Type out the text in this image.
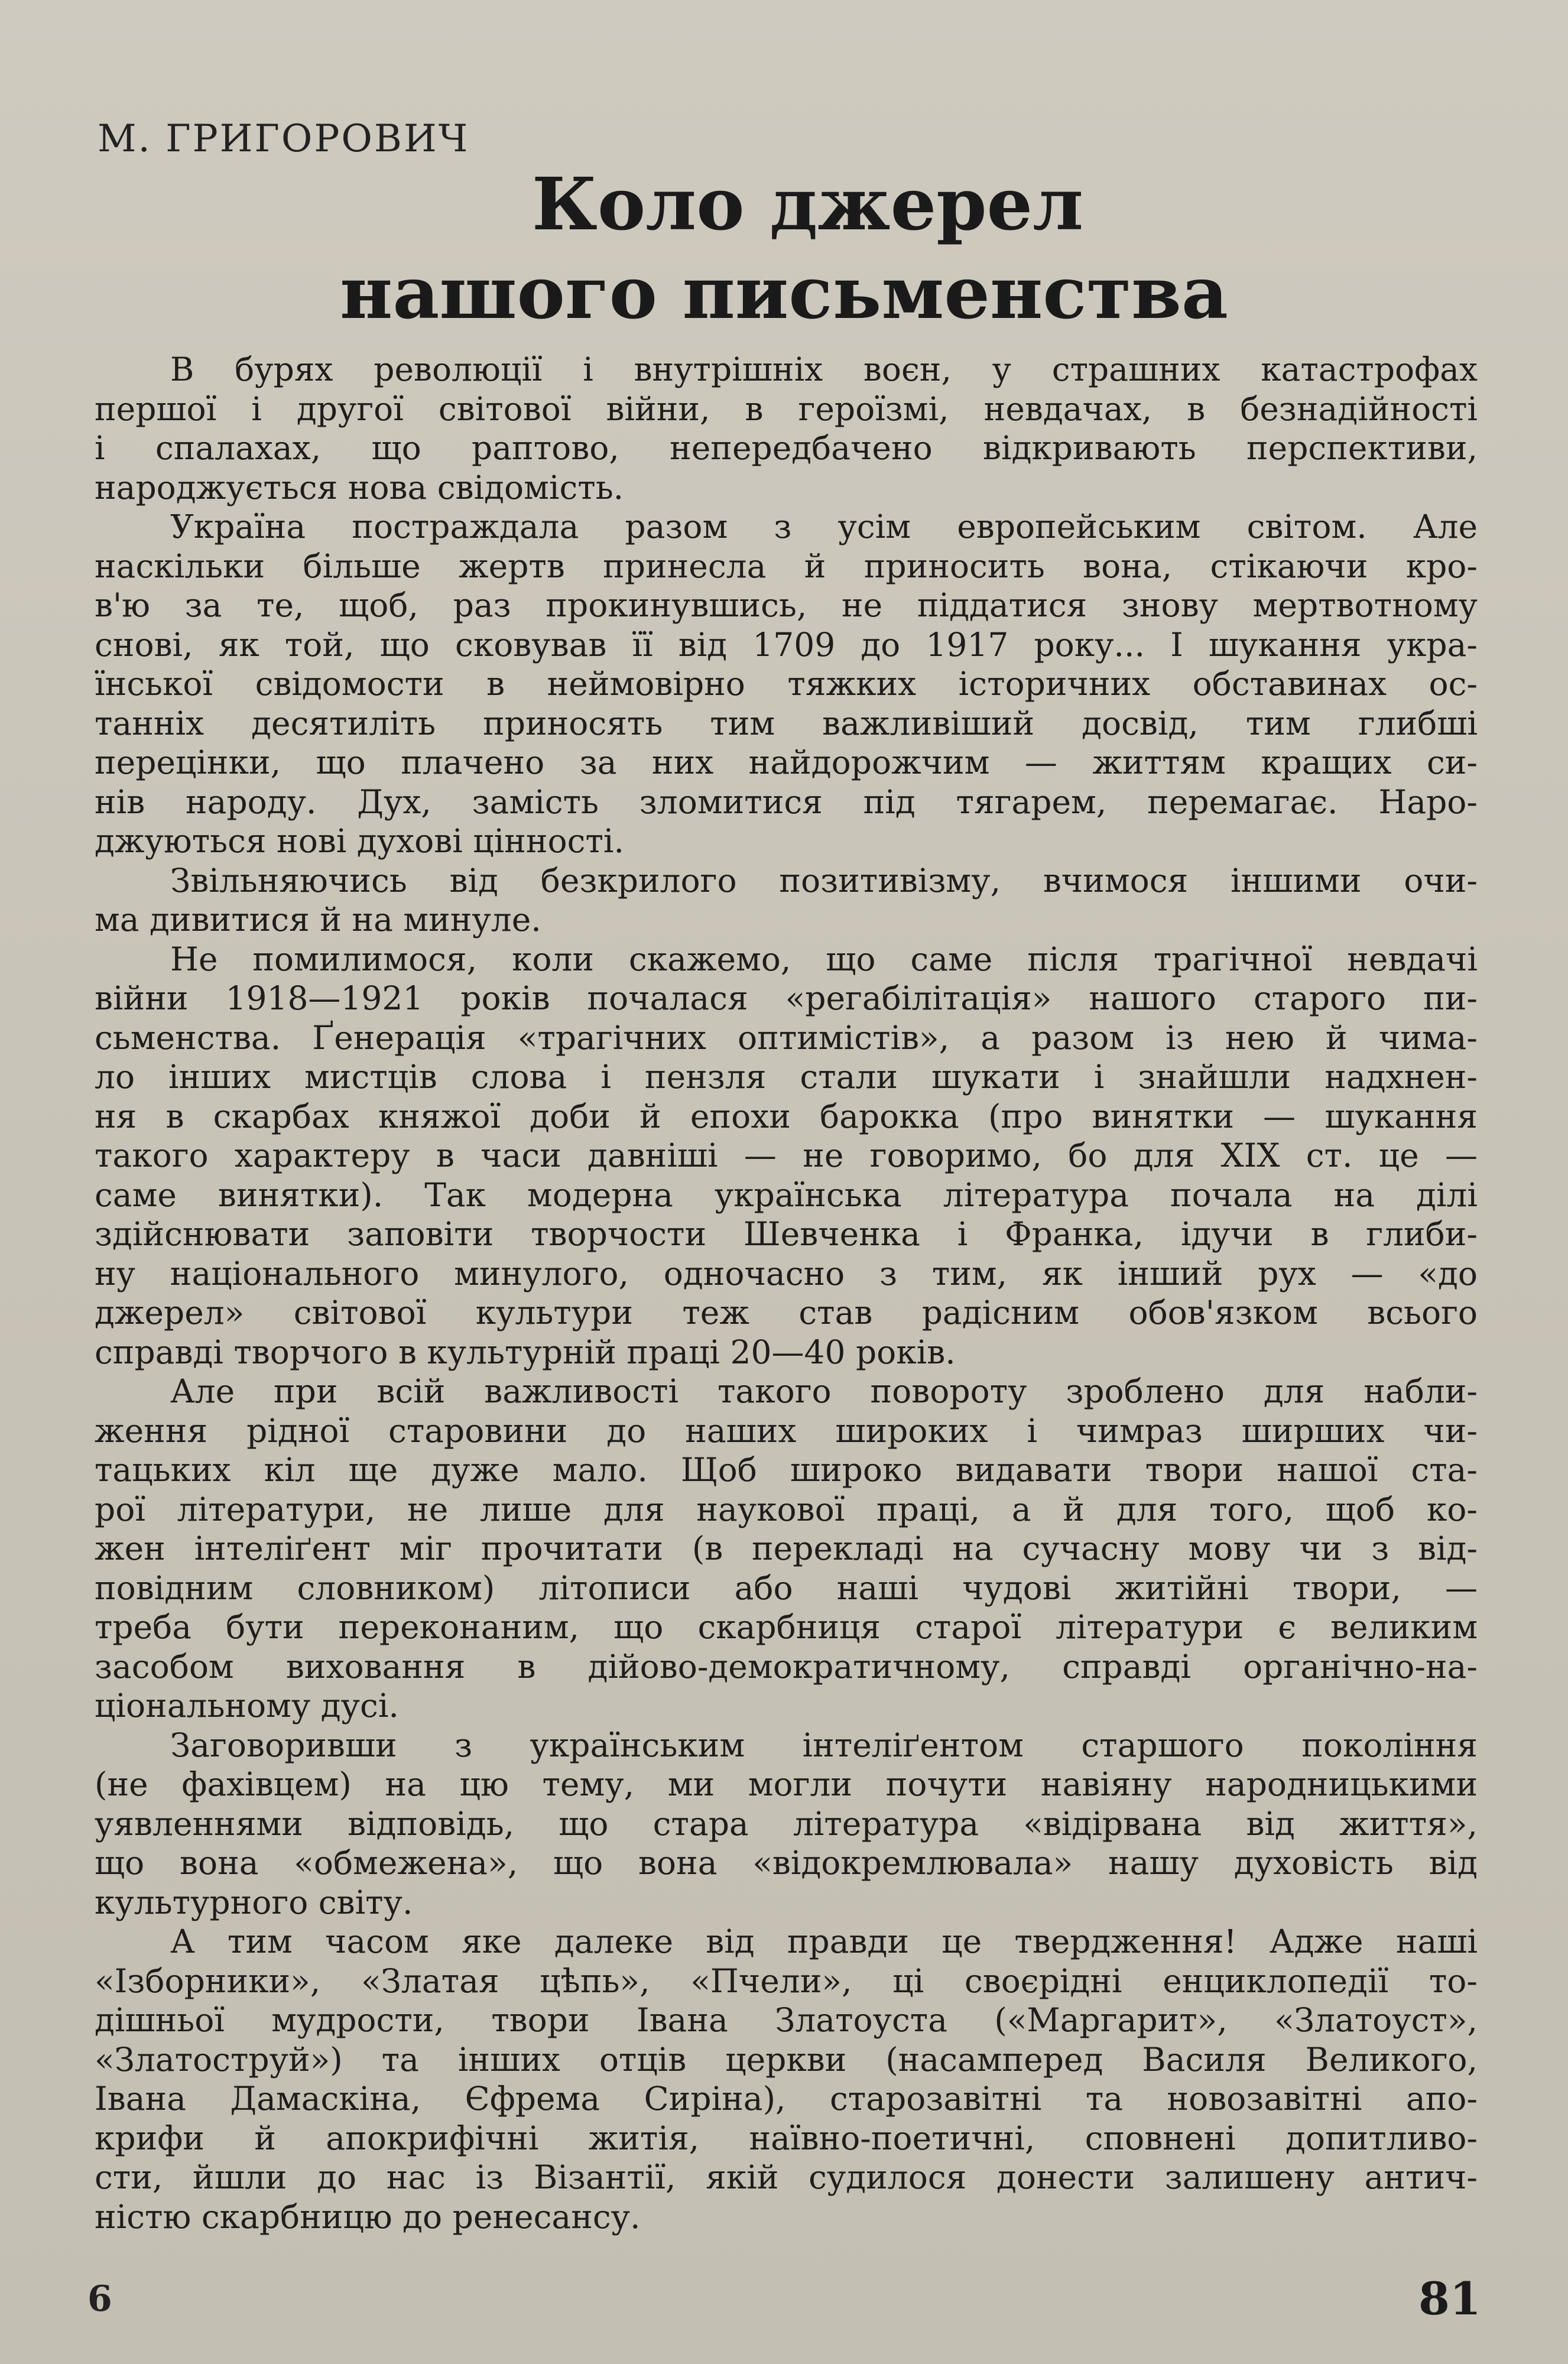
М. ГРИГОРОВИЧ
Коло джерел
нашого письменства
В бурях революції і внутрішніх воєн, у страшних катастрофах
першої і другої світової війни, в героїзмі, невдачах, в безнадійності
і спалахах, що раптово, непередбачено відкривають перспективи,
народжується нова свідомість.
Україна постраждала разом з усім европейським світом. Але
наскільки більше жертв принесла й приносить вона, стікаючи кро-
в'ю за те, щоб, раз прокинувшись, не піддатися знову мертвотному
снові, як той, що сковував її від 1709 до 1917 року... І шукання укра-
їнської свідомости в неймовірно тяжких історичних обставинах ос-
танніх десятиліть приносять тим важливіший досвід, тим глибші
перецінки, що плачено за них найдорожчим — життям кращих си-
нів народу. Дух, замість зломитися під тягарем, перемагає. Наро-
джуються нові духові цінності.
Звільняючись від безкрилого позитивізму, вчимося іншими очи-
ма дивитися й на минуле.
Не помилимося, коли скажемо, що саме після трагічної невдачі
війни 1918—1921 років почалася «регабілітація» нашого старого пи-
сьменства. Ґенерація «трагічних оптимістів», а разом із нею й чима-
ло інших мистців слова і пензля стали шукати і знайшли надхнен-
ня в скарбах княжої доби й епохи барокка (про винятки — шукання
такого характеру в часи давніші — не говоримо, бо для XIX ст. це —
саме винятки). Так модерна українська література почала на ділі
здійснювати заповіти творчости Шевченка і Франка, ідучи в глиби-
ну національного минулого, одночасно з тим, як інший рух — «до
джерел» світової культури теж став радісним обов'язком всього
справді творчого в культурній праці 20—40 років.
Але при всій важливості такого повороту зроблено для набли-
ження рідної старовини до наших широких і чимраз ширших чи-
тацьких кіл ще дуже мало. Щоб широко видавати твори нашої ста-
рої літератури, не лише для наукової праці, а й для того, щоб ко-
жен інтеліґент міг прочитати (в перекладі на сучасну мову чи з від-
повідним словником) літописи або наші чудові житійні твори, —
треба бути переконаним, що скарбниця старої літератури є великим
засобом виховання в дійово-демократичному, справді органічно-на-
ціональному дусі.
Заговоривши з українським інтеліґентом старшого покоління
(не фахівцем) на цю тему, ми могли почути навіяну народницькими
уявленнями відповідь, що стара література «відірвана від життя»,
що вона «обмежена», що вона «відокремлювала» нашу духовість від
культурного світу.
А тим часом яке далеке від правди це твердження! Адже наші
«Ізборники», «Златая цѣпь», «Пчели», ці своєрідні енциклопедії то-
дішньої мудрости, твори Івана Златоуста («Маргарит», «Златоуст»,
«Златоструй») та інших отців церкви (насамперед Василя Великого,
Івана Дамаскіна, Єфрема Сиріна), старозавітні та новозавітні апо-
крифи й апокрифічні житія, наївно-поетичні, сповнені допитливо-
сти, йшли до нас із Візантії, якій судилося донести залишену антич-
ністю скарбницю до ренесансу.
6	81
